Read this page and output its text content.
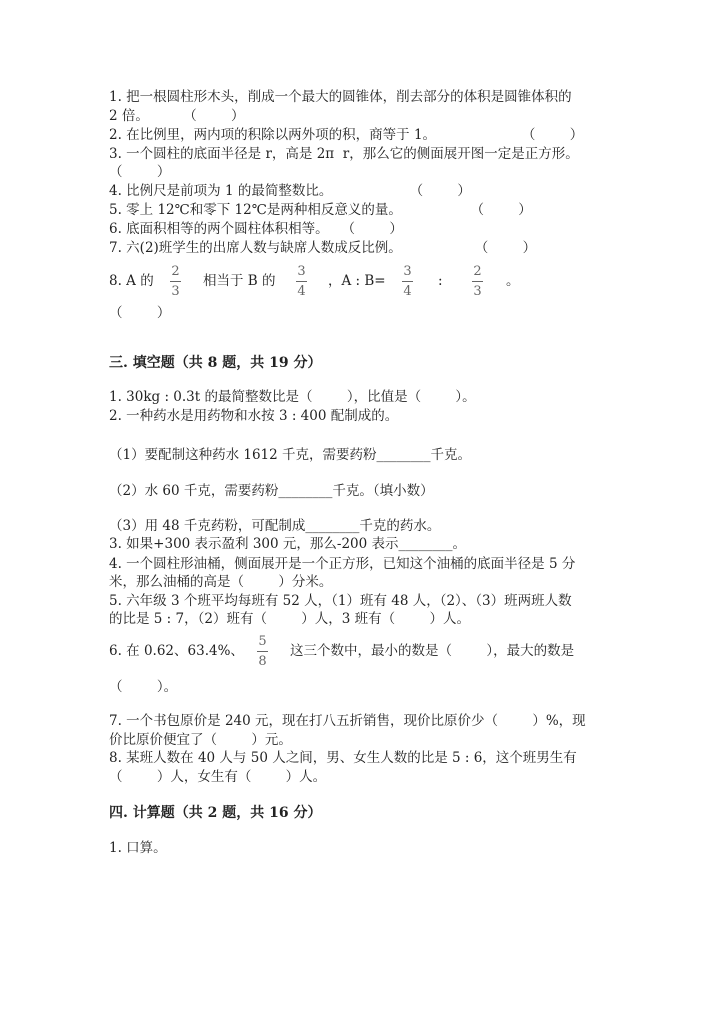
1. 把一根圆柱形木头，削成一个最大的圆锥体，削去部分的体积是圆锥体积的
2 倍。        （        ）
2. 在比例里，两内项的积除以两外项的积，商等于 1。                    （        ）
3. 一个圆柱的底面半径是 r，高是 2π  r，那么它的侧面展开图一定是正方形。
（        ）
4. 比例尺是前项为 1 的最简整数比。                  （        ）
5. 零上 12℃和零下 12℃是两种相反意义的量。                （        ）
6. 底面积相等的两个圆柱体积相等。   （        ）
7. 六(2)班学生的出席人数与缺席人数成反比例。                 （        ）
8. A 的
2
3
相当于 B 的
3
4
，A : B=
3
4
:
2
3
。
（        ）
三. 填空题（共 8 题，共 19 分）
1. 30kg : 0.3t 的最简整数比是（        ），比值是（        ）。
2. 一种药水是用药物和水按 3 : 400 配制成的。
（1）要配制这种药水 1612 千克，需要药粉________千克。
（2）水 60 千克，需要药粉________千克。（填小数）
（3）用 48 千克药粉，可配制成________千克的药水。
3. 如果+300 表示盈利 300 元，那么-200 表示________。
4. 一个圆柱形油桶，侧面展开是一个正方形，已知这个油桶的底面半径是 5 分
米，那么油桶的高是（        ）分米。
5. 六年级 3 个班平均每班有 52 人，（1）班有 48 人，（2）、（3）班两班人数
的比是 5 : 7，（2）班有（        ）人，3 班有（        ）人。
6. 在 0.62、63.4%、
5
8
这三个数中，最小的数是（        ），最大的数是
（        ）。
7. 一个书包原价是 240 元，现在打八五折销售，现价比原价少（        ）%，现
价比原价便宜了（        ）元。
8. 某班人数在 40 人与 50 人之间，男、女生人数的比是 5 : 6，这个班男生有
（        ）人，女生有（        ）人。
四. 计算题（共 2 题，共 16 分）
1. 口算。
